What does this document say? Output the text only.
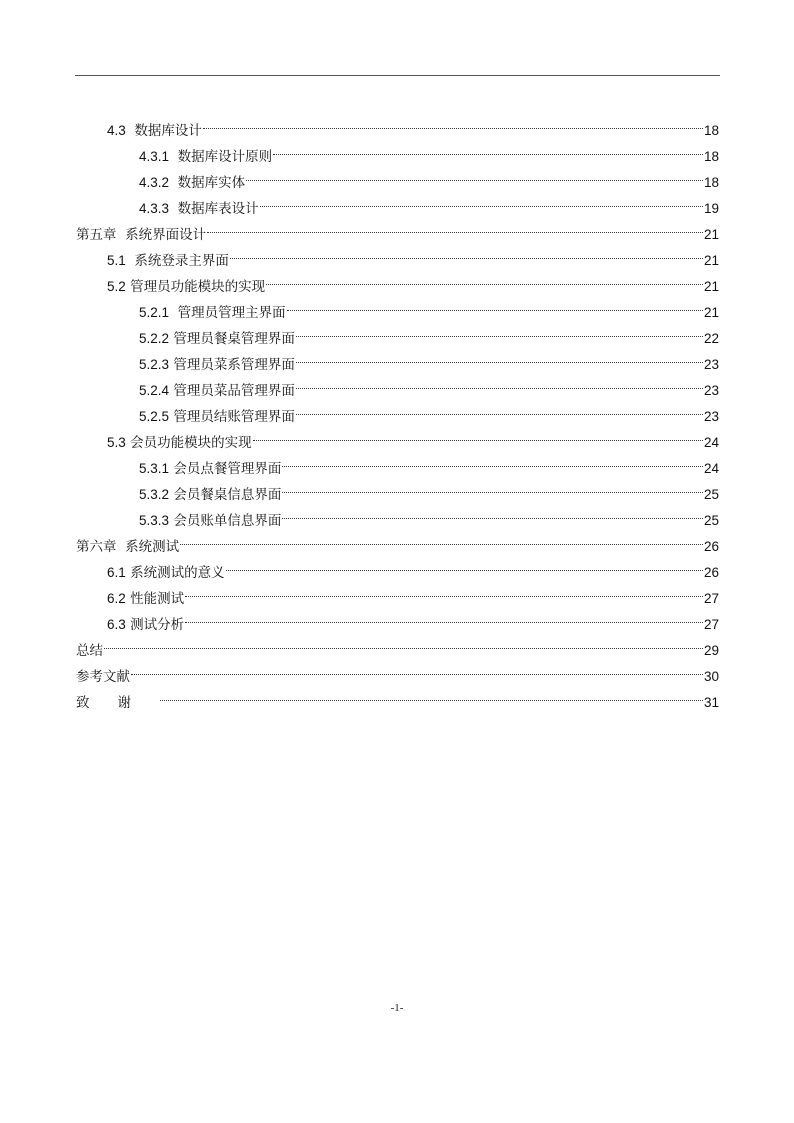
4.3 数据库设计	18
4.3.1 数据库设计原则	18
4.3.2 数据库实体	18
4.3.3 数据库表设计	19
第五章 系统界面设计	21
5.1 系统登录主界面	21
5.2 管理员功能模块的实现	21
5.2.1 管理员管理主界面	21
5.2.2 管理员餐桌管理界面	22
5.2.3 管理员菜系管理界面	23
5.2.4 管理员菜品管理界面	23
5.2.5 管理员结账管理界面	23
5.3 会员功能模块的实现	24
5.3.1 会员点餐管理界面	24
5.3.2 会员餐桌信息界面	25
5.3.3 会员账单信息界面	25
第六章 系统测试	26
6.1 系统测试的意义	26
6.2 性能测试	27
6.3 测试分析	27
总结	29
参考文献	30
致谢	31
-1-
